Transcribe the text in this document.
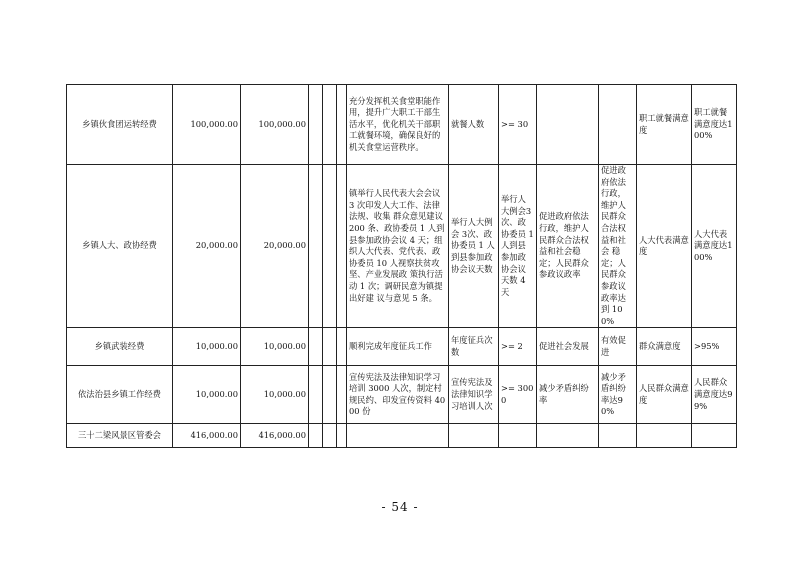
乡镇伙食团运转经费	100,000.00	100,000.00				充分发挥机关食堂职能作用，提升广大职工干部生活水平，优化机关干部职工就餐环境，确保良好的机关食堂运营秩序。	就餐人数	>= 30			职工就餐满意度	职工就餐满意度达100%
乡镇人大、政协经费	20,000.00	20,000.00				镇举行人民代表大会会议 3 次印发人大工作、法律法规、收集 群众意见建议 200 条、政协委员 1 人到县参加政协会议 4 天；组织人大代表、党代表、政协委员 10 人视察扶贫攻坚、产业发展政 策执行活动 1 次；调研民意为镇提出好建 议与意见 5 条。	举行人大例 会 3次、政协委员 1 人到县参加政协会议天数	举行人大例会3 次、政协委员 1 人到县参加政协会议天数 4 天	促进政府依法行政，维护人民群众合法权益和社会稳定；人民群众参政议政率	促进政府依法行政，维护人民群众合法权益和社会 稳定；人民群众参政议政率达到 100%	人大代表满意度	人大代表满意度达100%
乡镇武装经费	10,000.00	10,000.00				顺利完成年度征兵工作	年度征兵次数	>= 2	促进社会发展	有效促进	群众满意度	>95%
依法治县乡镇工作经费	10,000.00	10,000.00				宣传宪法及法律知识学习培训 3000 人次，制定村规民约、印发宣传资料 4000 份	宣传宪法及法律知识学习培训人次	>= 3000	减少矛盾纠纷率	减少矛盾纠纷率达90%	人民群众满意度	人民群众满意度达99%
三十二梁风景区管委会	416,000.00	416,000.00										
- 54 -
